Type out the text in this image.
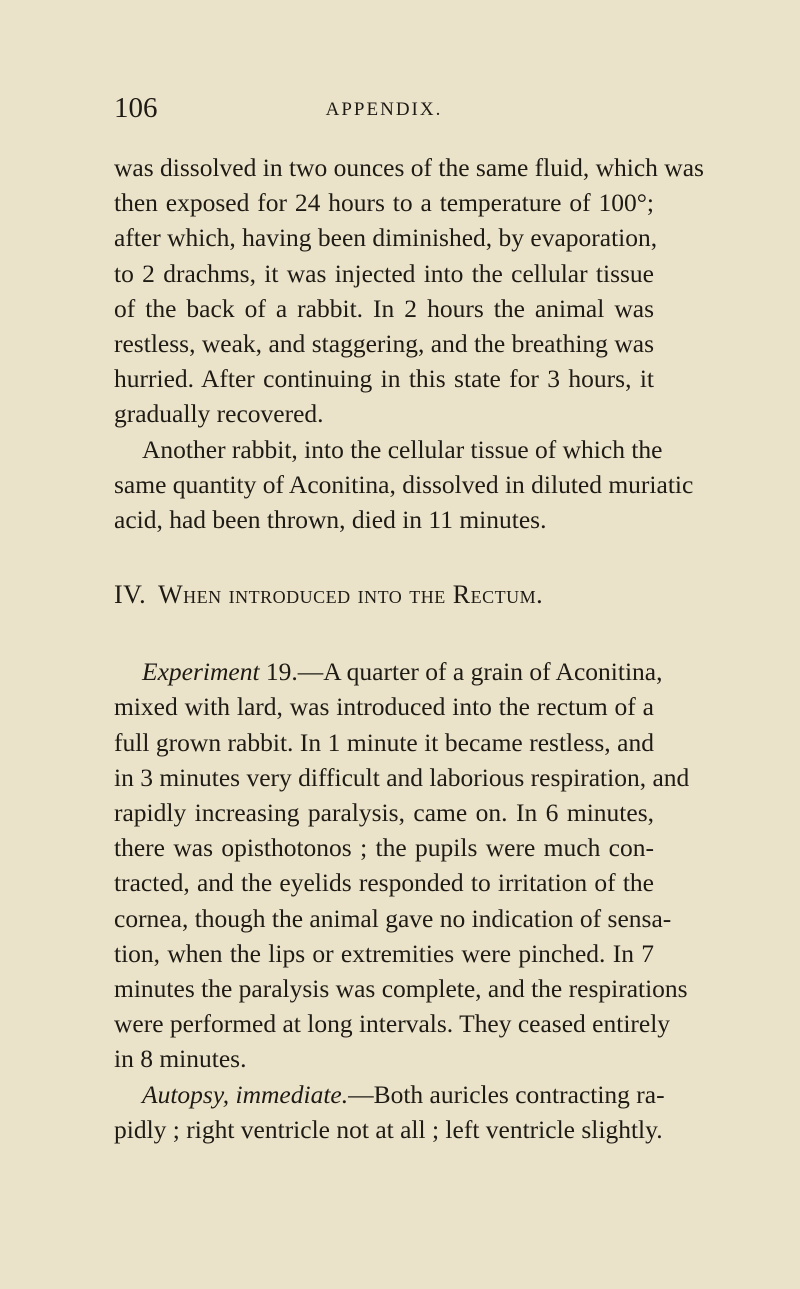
106	APPENDIX.
was dissolved in two ounces of the same fluid, which was
then exposed for 24 hours to a temperature of 100°;
after which, having been diminished, by evaporation,
to 2 drachms, it was injected into the cellular tissue
of the back of a rabbit. In 2 hours the animal was
restless, weak, and staggering, and the breathing was
hurried. After continuing in this state for 3 hours, it
gradually recovered.
Another rabbit, into the cellular tissue of which the
same quantity of Aconitina, dissolved in diluted muriatic
acid, had been thrown, died in 11 minutes.
IV. When introduced into the Rectum.
Experiment 19.—A quarter of a grain of Aconitina,
mixed with lard, was introduced into the rectum of a
full grown rabbit. In 1 minute it became restless, and
in 3 minutes very difficult and laborious respiration, and
rapidly increasing paralysis, came on. In 6 minutes,
there was opisthotonos ; the pupils were much con-
tracted, and the eyelids responded to irritation of the
cornea, though the animal gave no indication of sensa-
tion, when the lips or extremities were pinched. In 7
minutes the paralysis was complete, and the respirations
were performed at long intervals. They ceased entirely
in 8 minutes.
Autopsy, immediate.—Both auricles contracting ra-
pidly ; right ventricle not at all ; left ventricle slightly.
